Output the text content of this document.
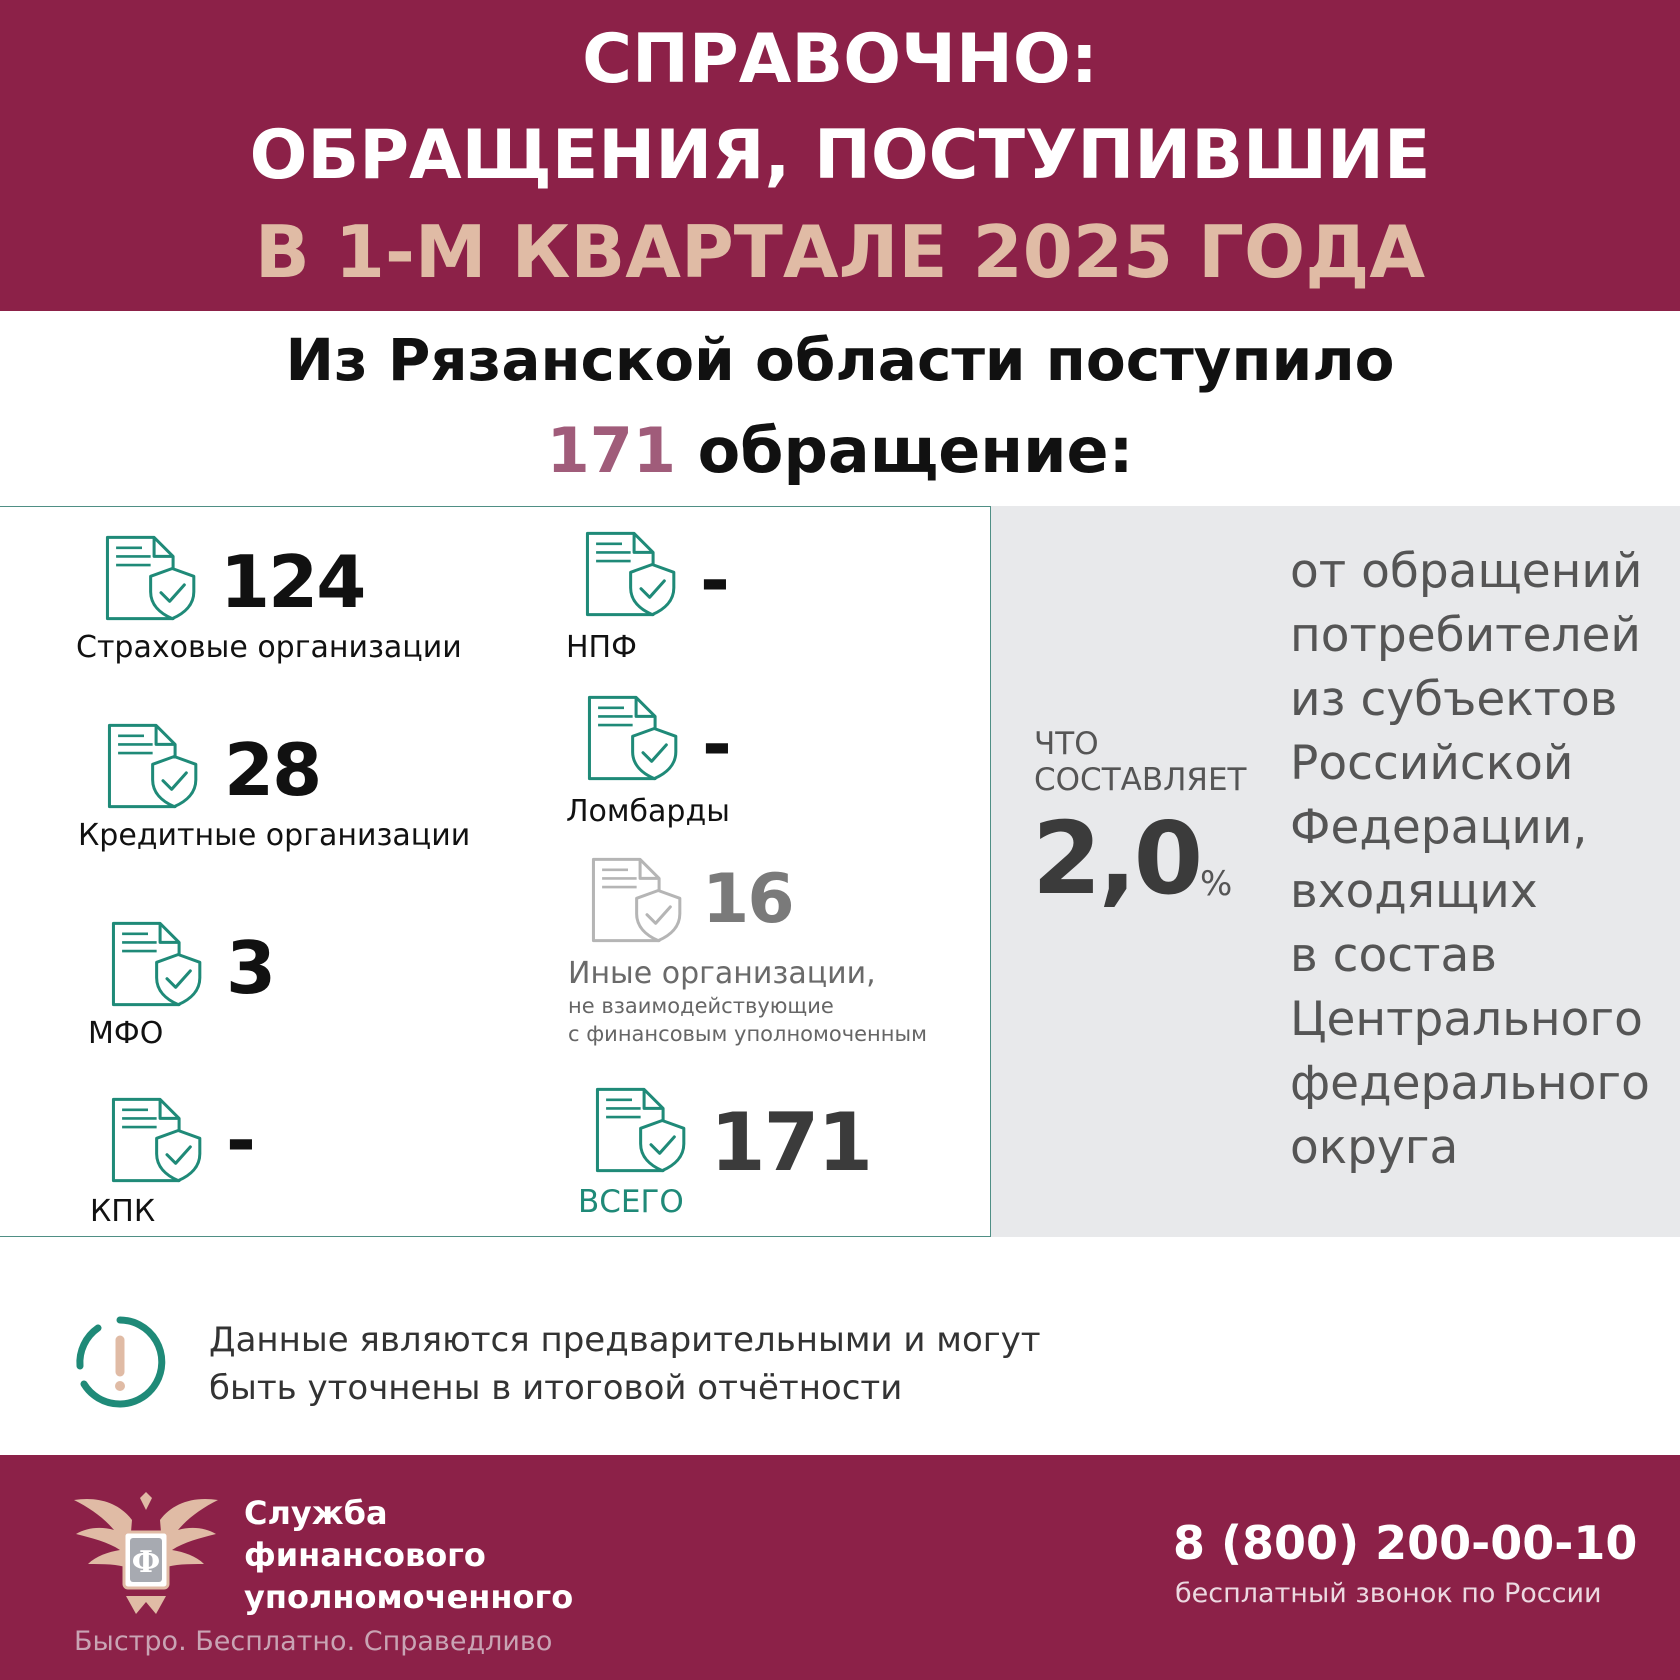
СПРАВОЧНО:
ОБРАЩЕНИЯ, ПОСТУПИВШИЕ
В 1-М КВАРТАЛЕ 2025 ГОДА
Из Рязанской области поступило
171 обращение:
124
Страховые организации
28
Кредитные организации
3
МФО
-
КПК
-
НПФ
-
Ломбарды
16
Иные организации,
не взаимодействующие
с финансовым уполномоченным
171
ВСЕГО
ЧТО
СОСТАВЛЯЕТ
2,0 %
от обращений
потребителей
из субъектов
Российской
Федерации,
входящих
в состав
Центрального
федерального
округа
Данные являются предварительными и могут
быть уточнены в итоговой отчётности
Ф
Служба
финансового
уполномоченного
Быстро. Бесплатно. Справедливо
8 (800) 200-00-10
бесплатный звонок по России
